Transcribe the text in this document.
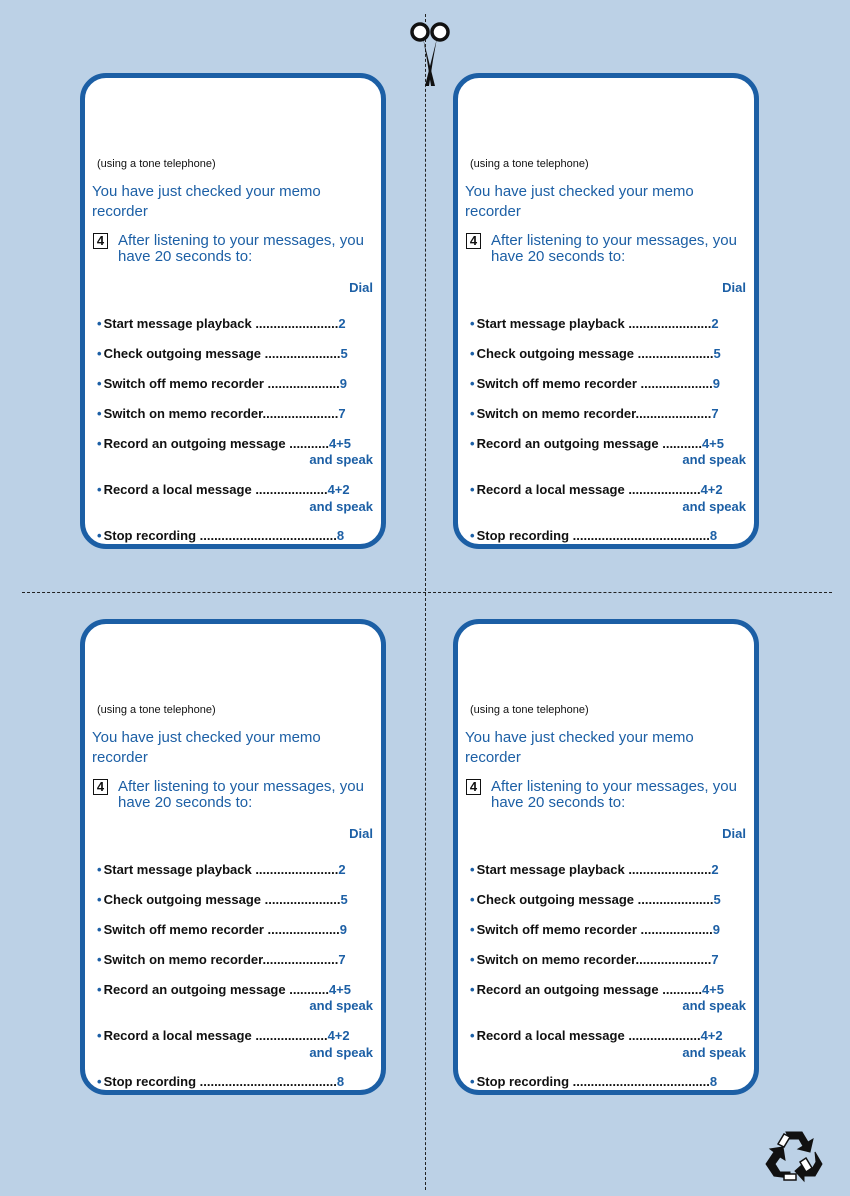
(using a tone telephone)
You have just checked your memo recorder
4 After listening to your messages, you have 20 seconds to:
Dial
• Start message playback .......................2
• Check outgoing message .....................5
• Switch off memo recorder ....................9
• Switch on memo recorder.....................7
• Record an outgoing message ...........4+5
and speak
• Record a local message ....................4+2
and speak
• Stop recording ......................................8
(using a tone telephone)
You have just checked your memo recorder
4 After listening to your messages, you have 20 seconds to:
Dial
• Start message playback .......................2
• Check outgoing message .....................5
• Switch off memo recorder ....................9
• Switch on memo recorder.....................7
• Record an outgoing message ...........4+5
and speak
• Record a local message ....................4+2
and speak
• Stop recording ......................................8
(using a tone telephone)
You have just checked your memo recorder
4 After listening to your messages, you have 20 seconds to:
Dial
• Start message playback .......................2
• Check outgoing message .....................5
• Switch off memo recorder ....................9
• Switch on memo recorder.....................7
• Record an outgoing message ...........4+5
and speak
• Record a local message ....................4+2
and speak
• Stop recording ......................................8
(using a tone telephone)
You have just checked your memo recorder
4 After listening to your messages, you have 20 seconds to:
Dial
• Start message playback .......................2
• Check outgoing message .....................5
• Switch off memo recorder ....................9
• Switch on memo recorder.....................7
• Record an outgoing message ...........4+5
and speak
• Record a local message ....................4+2
and speak
• Stop recording ......................................8
